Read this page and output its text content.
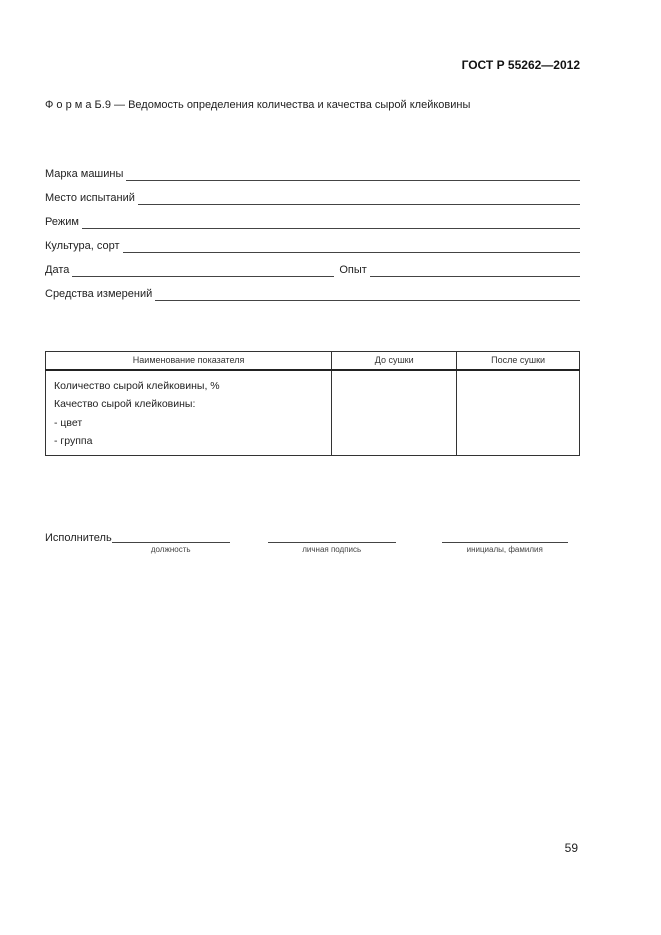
ГОСТ Р 55262—2012
Ф о р м а Б.9 — Ведомость определения количества и качества сырой клейковины
Марка машины
Место испытаний
Режим
Культура, сорт
Дата	Опыт
Средства измерений
Наименование показателя	До сушки	После сушки

Количество сырой клейковины, %
Качество сырой клейковины:
- цвет
- группа		

Исполнитель
должность	личная подпись	инициалы, фамилия
59
